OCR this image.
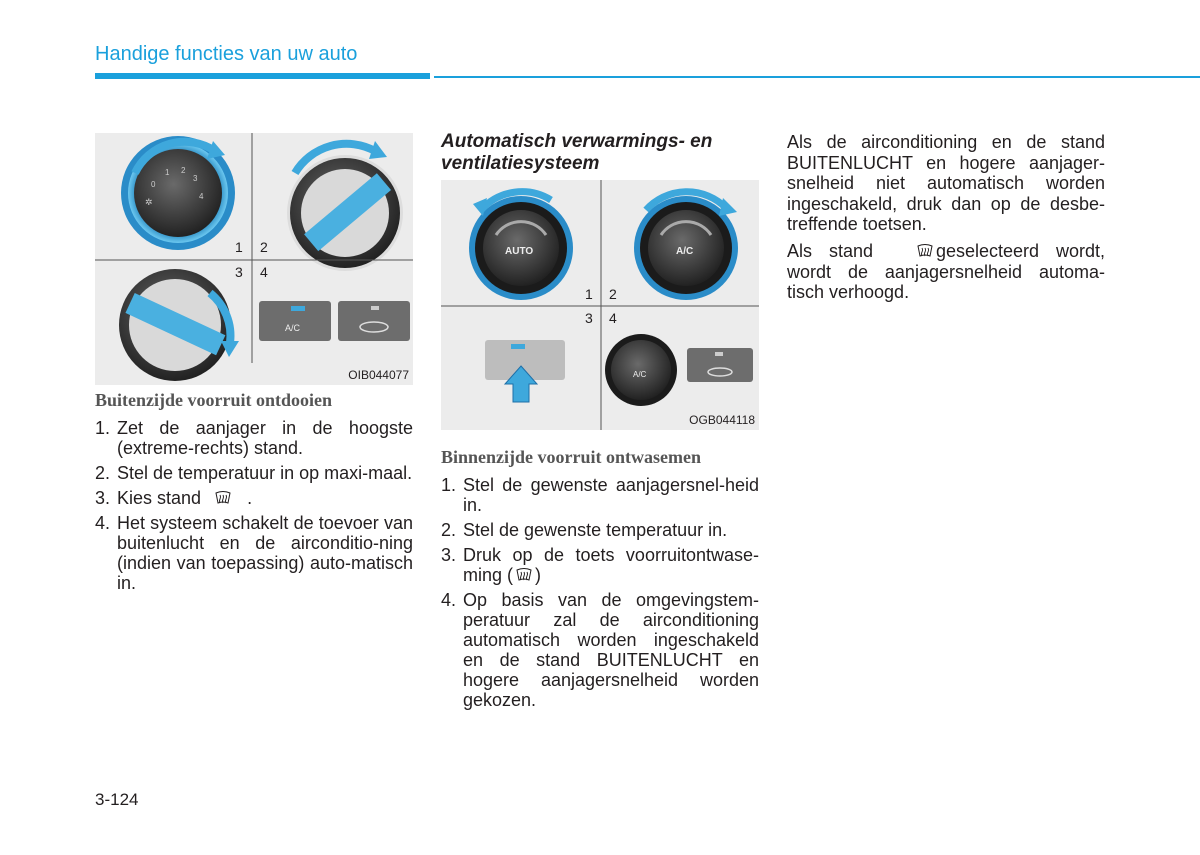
Handige functies van uw auto
0
1 2
3
4
✲
1 2
3 4
A/C
OIB044077
Buitenzijde voorruit ontdooien
1. Zet de aanjager in de hoogste (extreme-rechts) stand.
2. Stel de temperatuur in op maxi-maal.
3. Kies stand	.
4. Het systeem schakelt de toevoer van buitenlucht en de airconditio-ning (indien van toepassing) auto-matisch in.
Automatisch verwarmings- en ventilatiesysteem
AUTO	A/C
A/C
1 2
3 4
OGB044118
Binnenzijde voorruit ontwasemen
1. Stel de gewenste aanjagersnel-heid in.
2. Stel de gewenste temperatuur in.
3. Druk op de toets voorruitontwase-ming ( )
4. Op basis van de omgevingstem-peratuur zal de airconditioning automatisch worden ingeschakeld en de stand BUITENLUCHT en hogere aanjagersnelheid worden gekozen.

Als de airconditioning en de stand BUITENLUCHT en hogere aanjager-snelheid niet automatisch worden ingeschakeld, druk dan op de desbe-treffende toetsen.

Als stand	geselecteerd wordt, wordt de aanjagersnelheid automa-tisch verhoogd.

3-124
